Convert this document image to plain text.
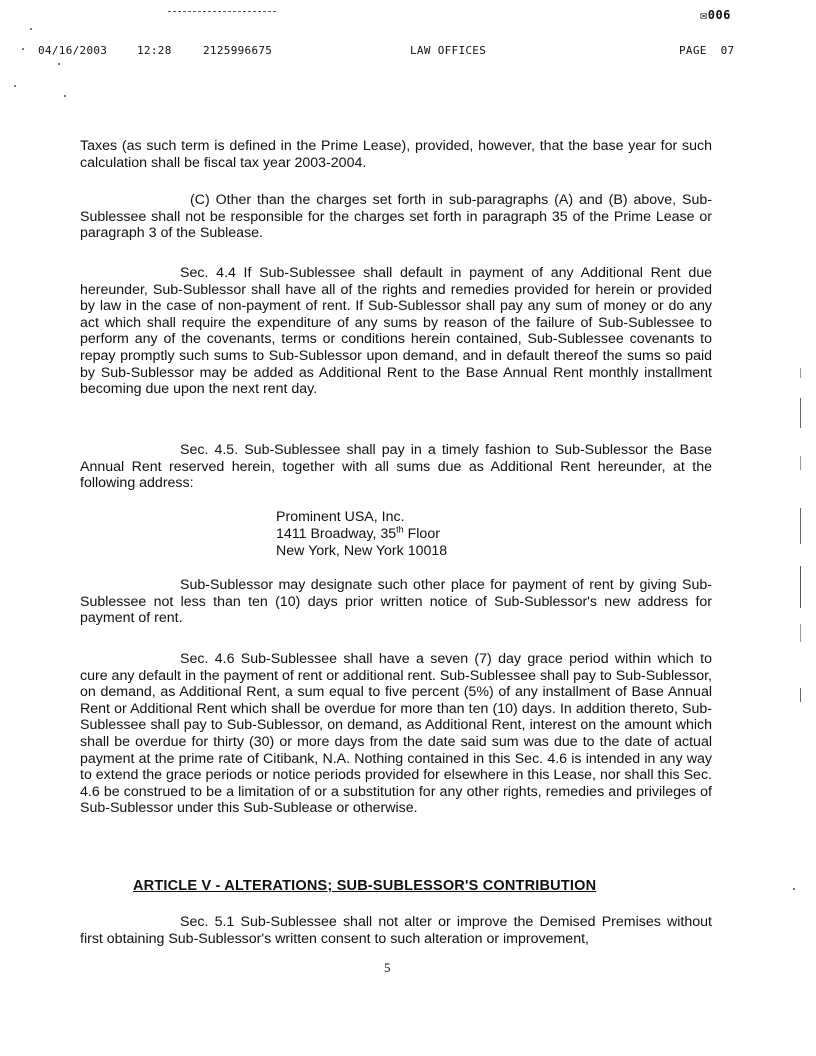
✉006
04/16/2003	12:28	2125996675	LAW OFFICES	PAGE 07

Taxes (as such term is defined in the Prime Lease), provided, however, that the base year for such calculation shall be fiscal tax year 2003-2004.

(C) Other than the charges set forth in sub-paragraphs (A) and (B) above, Sub-Sublessee shall not be responsible for the charges set forth in paragraph 35 of the Prime Lease or paragraph 3 of the Sublease.

Sec. 4.4 If Sub-Sublessee shall default in payment of any Additional Rent due hereunder, Sub-Sublessor shall have all of the rights and remedies provided for herein or provided by law in the case of non-payment of rent. If Sub-Sublessor shall pay any sum of money or do any act which shall require the expenditure of any sums by reason of the failure of Sub-Sublessee to perform any of the covenants, terms or conditions herein contained, Sub-Sublessee covenants to repay promptly such sums to Sub-Sublessor upon demand, and in default thereof the sums so paid by Sub-Sublessor may be added as Additional Rent to the Base Annual Rent monthly installment becoming due upon the next rent day.

Sec. 4.5. Sub-Sublessee shall pay in a timely fashion to Sub-Sublessor the Base Annual Rent reserved herein, together with all sums due as Additional Rent hereunder, at the following address:

Prominent USA, Inc.
1411 Broadway, 35th Floor
New York, New York 10018

Sub-Sublessor may designate such other place for payment of rent by giving Sub-Sublessee not less than ten (10) days prior written notice of Sub-Sublessor's new address for payment of rent.

Sec. 4.6 Sub-Sublessee shall have a seven (7) day grace period within which to cure any default in the payment of rent or additional rent. Sub-Sublessee shall pay to Sub-Sublessor, on demand, as Additional Rent, a sum equal to five percent (5%) of any installment of Base Annual Rent or Additional Rent which shall be overdue for more than ten (10) days. In addition thereto, Sub-Sublessee shall pay to Sub-Sublessor, on demand, as Additional Rent, interest on the amount which shall be overdue for thirty (30) or more days from the date said sum was due to the date of actual payment at the prime rate of Citibank, N.A. Nothing contained in this Sec. 4.6 is intended in any way to extend the grace periods or notice periods provided for elsewhere in this Lease, nor shall this Sec. 4.6 be construed to be a limitation of or a substitution for any other rights, remedies and privileges of Sub-Sublessor under this Sub-Sublease or otherwise.

ARTICLE V - ALTERATIONS; SUB-SUBLESSOR'S CONTRIBUTION

Sec. 5.1 Sub-Sublessee shall not alter or improve the Demised Premises without first obtaining Sub-Sublessor's written consent to such alteration or improvement,

5
